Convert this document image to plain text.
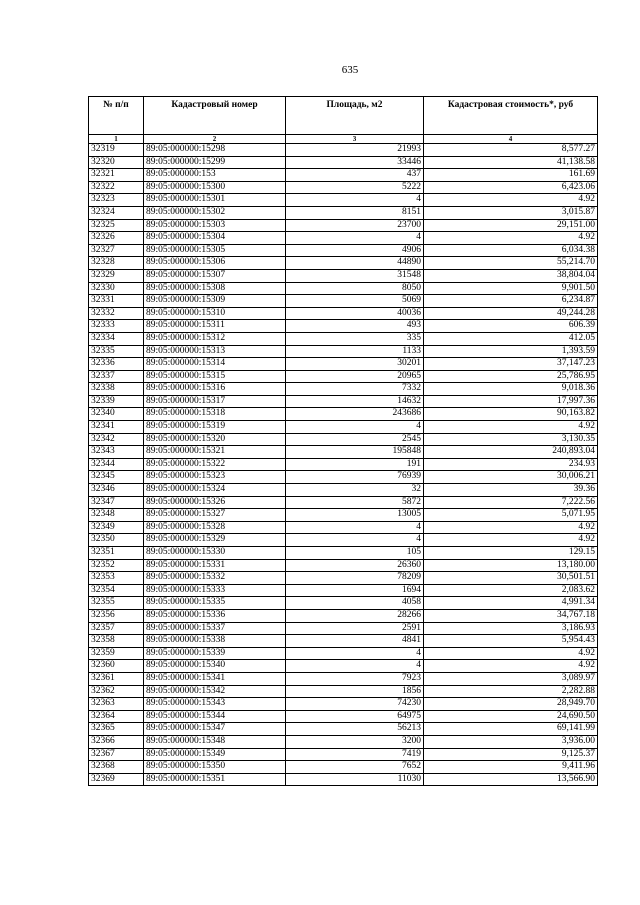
635
№ п/п	Кадастровый номер	Площадь, м2	Кадастровая стоимость*, руб
1	2	3	4
32319	89:05:000000:15298	21993	8,577.27
32320	89:05:000000:15299	33446	41,138.58
32321	89:05:000000:153	437	161.69
32322	89:05:000000:15300	5222	6,423.06
32323	89:05:000000:15301	4	4.92
32324	89:05:000000:15302	8151	3,015.87
32325	89:05:000000:15303	23700	29,151.00
32326	89:05:000000:15304	4	4.92
32327	89:05:000000:15305	4906	6,034.38
32328	89:05:000000:15306	44890	55,214.70
32329	89:05:000000:15307	31548	38,804.04
32330	89:05:000000:15308	8050	9,901.50
32331	89:05:000000:15309	5069	6,234.87
32332	89:05:000000:15310	40036	49,244.28
32333	89:05:000000:15311	493	606.39
32334	89:05:000000:15312	335	412.05
32335	89:05:000000:15313	1133	1,393.59
32336	89:05:000000:15314	30201	37,147.23
32337	89:05:000000:15315	20965	25,786.95
32338	89:05:000000:15316	7332	9,018.36
32339	89:05:000000:15317	14632	17,997.36
32340	89:05:000000:15318	243686	90,163.82
32341	89:05:000000:15319	4	4.92
32342	89:05:000000:15320	2545	3,130.35
32343	89:05:000000:15321	195848	240,893.04
32344	89:05:000000:15322	191	234.93
32345	89:05:000000:15323	76939	30,006.21
32346	89:05:000000:15324	32	39.36
32347	89:05:000000:15326	5872	7,222.56
32348	89:05:000000:15327	13005	5,071.95
32349	89:05:000000:15328	4	4.92
32350	89:05:000000:15329	4	4.92
32351	89:05:000000:15330	105	129.15
32352	89:05:000000:15331	26360	13,180.00
32353	89:05:000000:15332	78209	30,501.51
32354	89:05:000000:15333	1694	2,083.62
32355	89:05:000000:15335	4058	4,991.34
32356	89:05:000000:15336	28266	34,767.18
32357	89:05:000000:15337	2591	3,186.93
32358	89:05:000000:15338	4841	5,954.43
32359	89:05:000000:15339	4	4.92
32360	89:05:000000:15340	4	4.92
32361	89:05:000000:15341	7923	3,089.97
32362	89:05:000000:15342	1856	2,282.88
32363	89:05:000000:15343	74230	28,949.70
32364	89:05:000000:15344	64975	24,690.50
32365	89:05:000000:15347	56213	69,141.99
32366	89:05:000000:15348	3200	3,936.00
32367	89:05:000000:15349	7419	9,125.37
32368	89:05:000000:15350	7652	9,411.96
32369	89:05:000000:15351	11030	13,566.90
